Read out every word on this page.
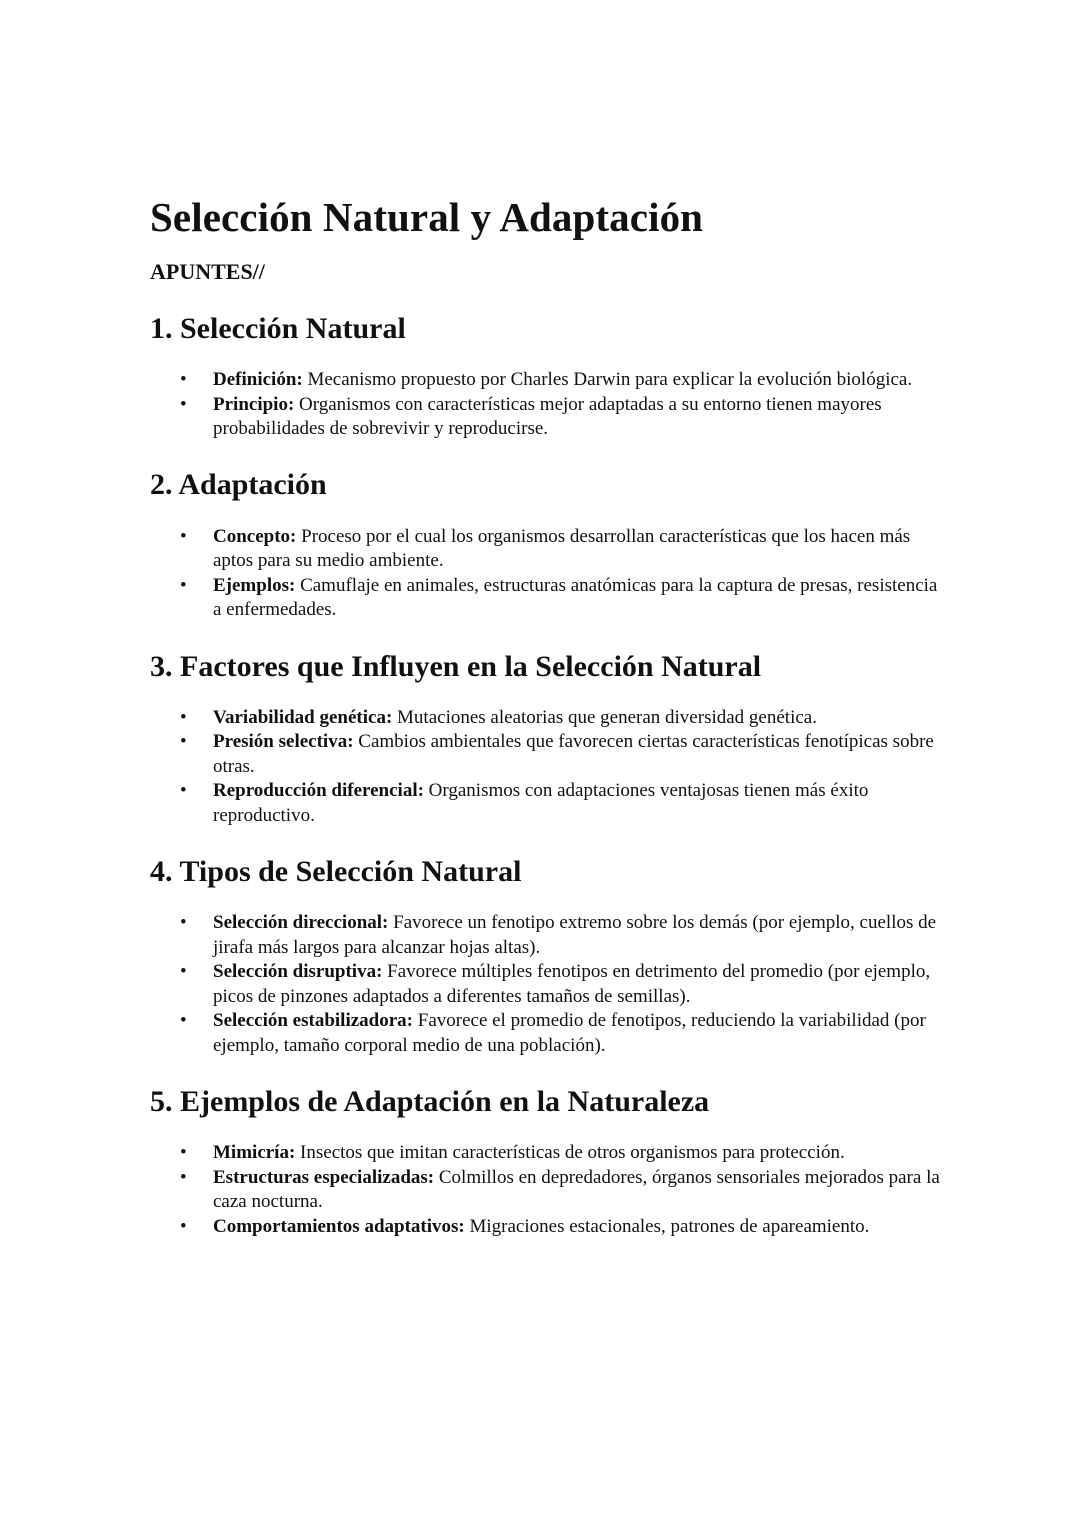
Selección Natural y Adaptación

APUNTES//

1. Selección Natural
• Definición: Mecanismo propuesto por Charles Darwin para explicar la evolución biológica.
• Principio: Organismos con características mejor adaptadas a su entorno tienen mayores probabilidades de sobrevivir y reproducirse.
2. Adaptación
• Concepto: Proceso por el cual los organismos desarrollan características que los hacen más aptos para su medio ambiente.
• Ejemplos: Camuflaje en animales, estructuras anatómicas para la captura de presas, resistencia a enfermedades.
3. Factores que Influyen en la Selección Natural
• Variabilidad genética: Mutaciones aleatorias que generan diversidad genética.
• Presión selectiva: Cambios ambientales que favorecen ciertas características fenotípicas sobre otras.
• Reproducción diferencial: Organismos con adaptaciones ventajosas tienen más éxito reproductivo.
4. Tipos de Selección Natural
• Selección direccional: Favorece un fenotipo extremo sobre los demás (por ejemplo, cuellos de jirafa más largos para alcanzar hojas altas).
• Selección disruptiva: Favorece múltiples fenotipos en detrimento del promedio (por ejemplo, picos de pinzones adaptados a diferentes tamaños de semillas).
• Selección estabilizadora: Favorece el promedio de fenotipos, reduciendo la variabilidad (por ejemplo, tamaño corporal medio de una población).
5. Ejemplos de Adaptación en la Naturaleza
• Mimicría: Insectos que imitan características de otros organismos para protección.
• Estructuras especializadas: Colmillos en depredadores, órganos sensoriales mejorados para la caza nocturna.
• Comportamientos adaptativos: Migraciones estacionales, patrones de apareamiento.
